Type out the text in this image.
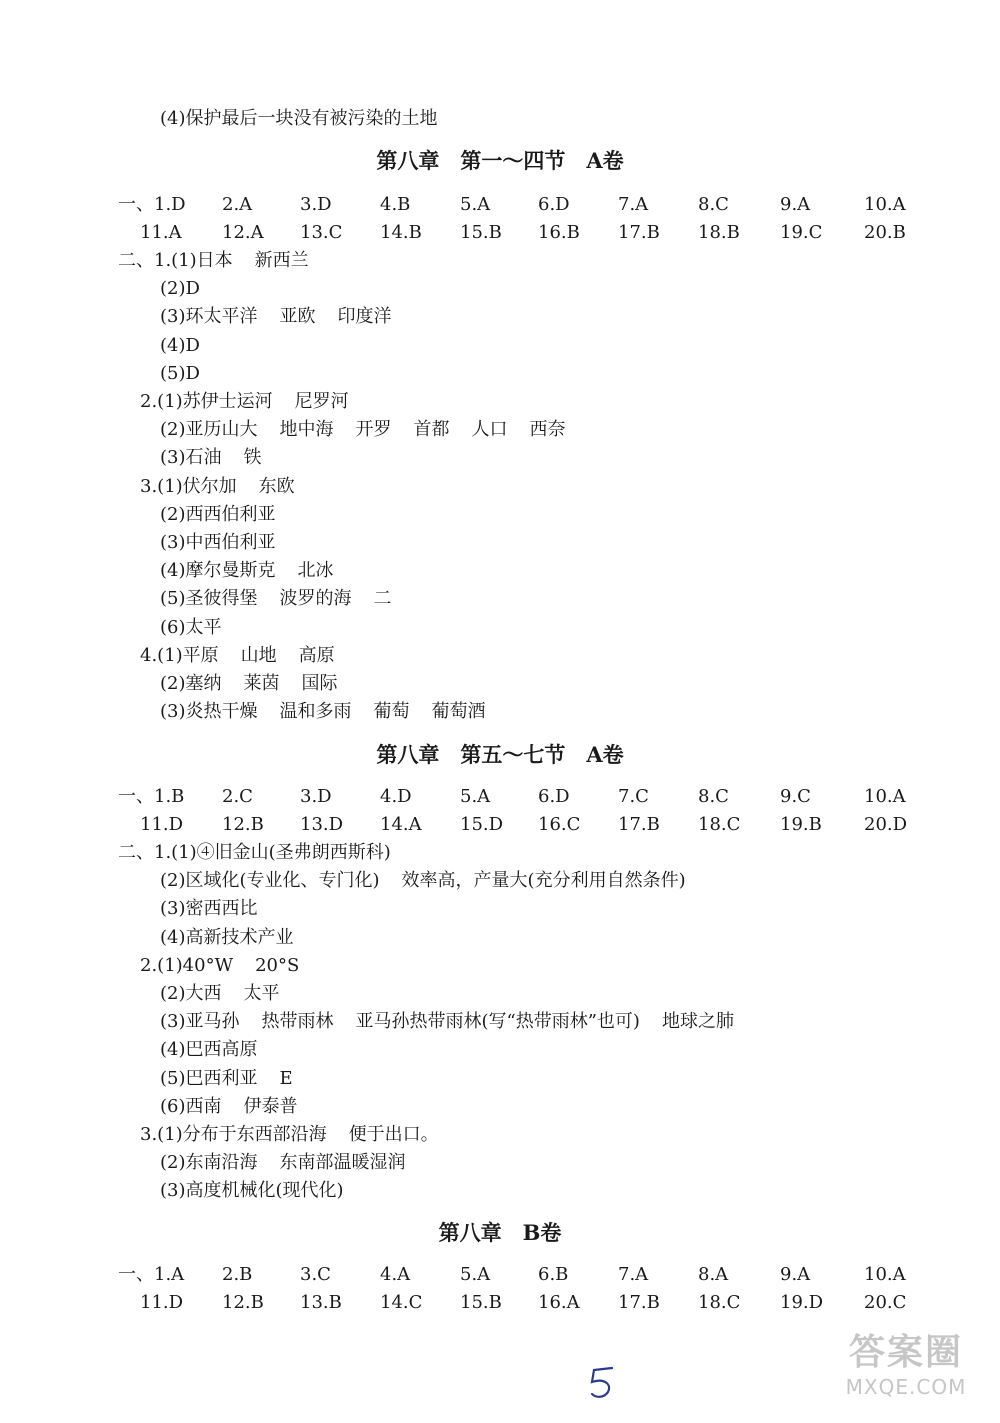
(4)保护最后一块没有被污染的土地
第八章　第一～四节　A卷
一、1.D 2.A	3.D	4.B	5.A	6.D	7.A	8.C	9.A	10.A
11.A 12.A 13.C 14.B 15.B 16.B 17.B 18.B 19.C 20.B
二、1.(1)日本 新西兰
(2)D
(3)环太平洋 亚欧 印度洋
(4)D
(5)D
2.(1)苏伊士运河 尼罗河
(2)亚历山大 地中海 开罗 首都 人口 西奈
(3)石油 铁
3.(1)伏尔加 东欧
(2)西西伯利亚
(3)中西伯利亚
(4)摩尔曼斯克 北冰
(5)圣彼得堡 波罗的海 二
(6)太平
4.(1)平原 山地 高原
(2)塞纳 莱茵 国际
(3)炎热干燥 温和多雨 葡萄 葡萄酒
第八章　第五～七节　A卷
一、1.B 2.C	3.D	4.D	5.A	6.D	7.C	8.C	9.C	10.A
11.D 12.B 13.D 14.A 15.D 16.C 17.B 18.C 19.B 20.D
二、1.(1)④旧金山(圣弗朗西斯科)
(2)区域化(专业化、专门化) 效率高，产量大(充分利用自然条件)
(3)密西西比
(4)高新技术产业
2.(1)40°W 20°S
(2)大西 太平
(3)亚马孙 热带雨林 亚马孙热带雨林(写“热带雨林”也可) 地球之肺
(4)巴西高原
(5)巴西利亚 E
(6)西南 伊泰普
3.(1)分布于东西部沿海 便于出口。
(2)东南沿海 东南部温暖湿润
(3)高度机械化(现代化)
第八章　B卷
一、1.A 2.B	3.C	4.A	5.A	6.B	7.A	8.A	9.A	10.A
11.D 12.B 13.B 14.C 15.B 16.A 17.B 18.C 19.D 20.C
答案圈
MXQE.COM
